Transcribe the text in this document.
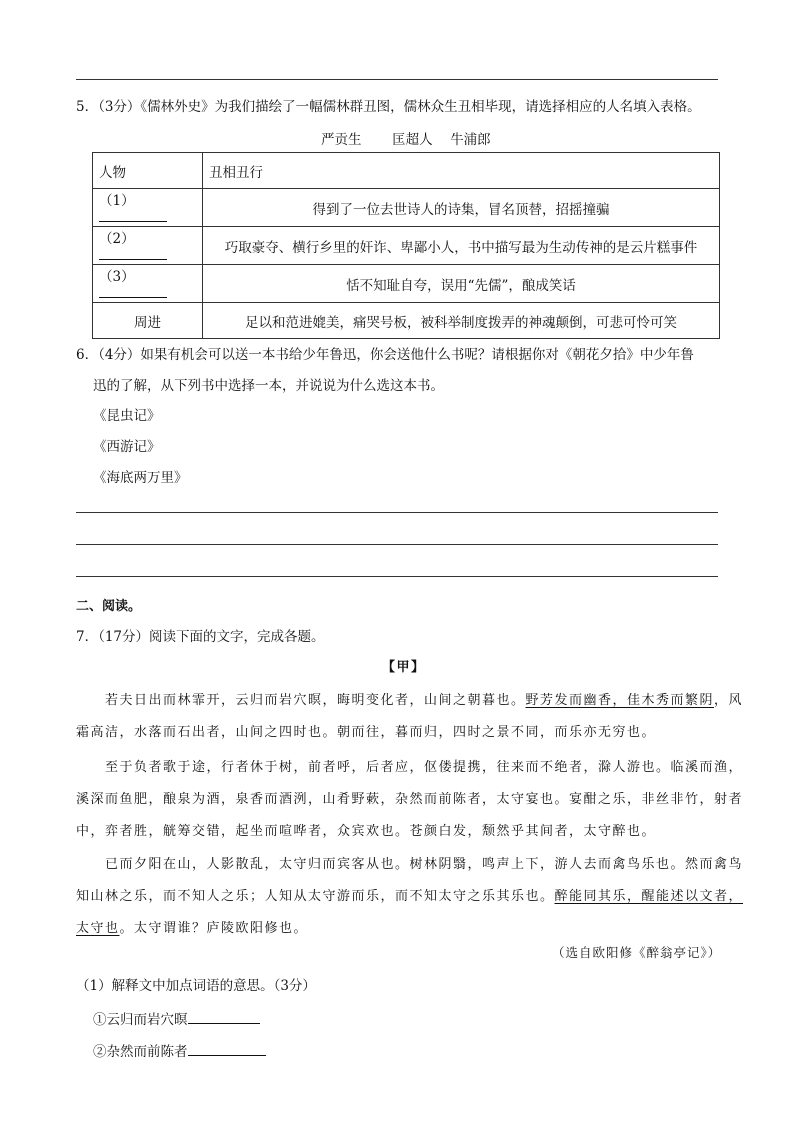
5．（3分）《儒林外史》为我们描绘了一幅儒林群丑图，儒林众生丑相毕现，请选择相应的人名填入表格。
严贡生 匡超人 牛浦郎
人物	丑相丑行
（1）	得到了一位去世诗人的诗集，冒名顶替，招摇撞骗
（2）	巧取豪夺、横行乡里的奸诈、卑鄙小人，书中描写最为生动传神的是云片糕事件
（3）	恬不知耻自夸，误用“先儒”，酿成笑话
周进	足以和范进媲美，痛哭号板，被科举制度拨弄的神魂颠倒，可悲可怜可笑
6．（4分）如果有机会可以送一本书给少年鲁迅，你会送他什么书呢？请根据你对《朝花夕拾》中少年鲁
迅的了解，从下列书中选择一本，并说说为什么选这本书。
《昆虫记》
《西游记》
《海底两万里》
二、阅读。
7．（17分）阅读下面的文字，完成各题。
【甲】
若夫日出而林霏开，云归而岩穴暝，晦明变化者，山间之朝暮也。野芳发而幽香，佳木秀而繁阴，风
霜高洁，水落而石出者，山间之四时也。朝而往，暮而归，四时之景不同，而乐亦无穷也。
至于负者歌于途，行者休于树，前者呼，后者应，伛偻提携，往来而不绝者，滁人游也。临溪而渔，
溪深而鱼肥，酿泉为酒，泉香而酒洌，山肴野蔌，杂然而前陈者，太守宴也。宴酣之乐，非丝非竹，射者
中，弈者胜，觥筹交错，起坐而喧哗者，众宾欢也。苍颜白发，颓然乎其间者，太守醉也。
已而夕阳在山，人影散乱，太守归而宾客从也。树林阴翳，鸣声上下，游人去而禽鸟乐也。然而禽鸟
知山林之乐，而不知人之乐；人知从太守游而乐，而不知太守之乐其乐也。醉能同其乐，醒能述以文者，
太守也。太守谓谁？庐陵欧阳修也。
（选自欧阳修《醉翁亭记》）
（1）解释文中加点词语的意思。（3分）
①云归而岩穴暝
②杂然而前陈者
